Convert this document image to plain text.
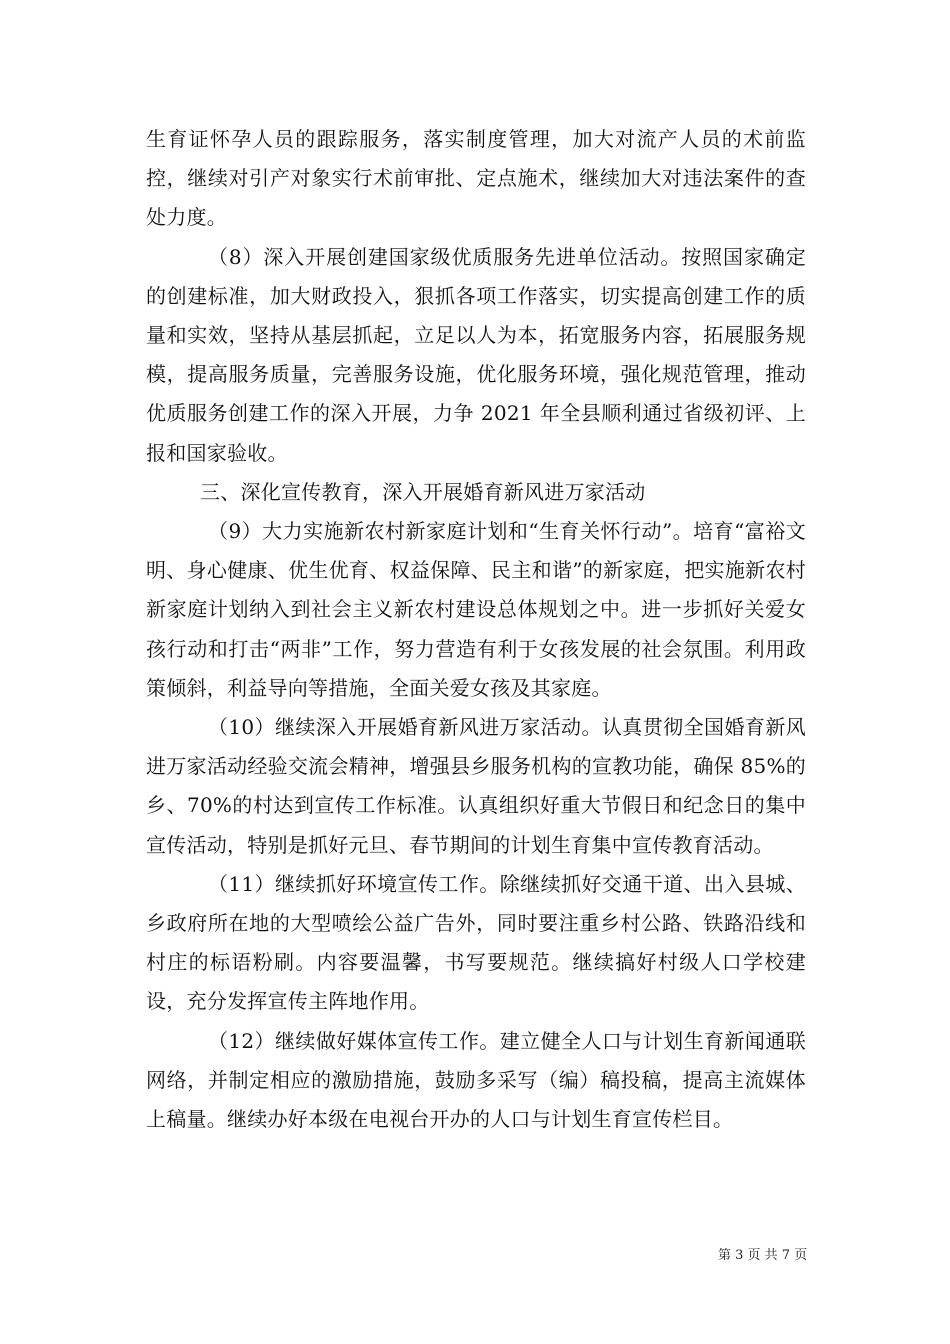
生育证怀孕人员的跟踪服务，落实制度管理，加大对流产人员的术前监控，继续对引产对象实行术前审批、定点施术，继续加大对违法案件的查处力度。

（8）深入开展创建国家级优质服务先进单位活动。按照国家确定的创建标准，加大财政投入，狠抓各项工作落实，切实提高创建工作的质量和实效，坚持从基层抓起，立足以人为本，拓宽服务内容，拓展服务规模，提高服务质量，完善服务设施，优化服务环境，强化规范管理，推动优质服务创建工作的深入开展，力争 2021 年全县顺利通过省级初评、上报和国家验收。

三、深化宣传教育，深入开展婚育新风进万家活动

（9）大力实施新农村新家庭计划和“生育关怀行动”。培育“富裕文明、身心健康、优生优育、权益保障、民主和谐”的新家庭，把实施新农村新家庭计划纳入到社会主义新农村建设总体规划之中。进一步抓好关爱女孩行动和打击“两非”工作，努力营造有利于女孩发展的社会氛围。利用政策倾斜，利益导向等措施，全面关爱女孩及其家庭。

（10）继续深入开展婚育新风进万家活动。认真贯彻全国婚育新风进万家活动经验交流会精神，增强县乡服务机构的宣教功能，确保 85%的乡、70%的村达到宣传工作标准。认真组织好重大节假日和纪念日的集中宣传活动，特别是抓好元旦、春节期间的计划生育集中宣传教育活动。

（11）继续抓好环境宣传工作。除继续抓好交通干道、出入县城、乡政府所在地的大型喷绘公益广告外，同时要注重乡村公路、铁路沿线和村庄的标语粉刷。内容要温馨，书写要规范。继续搞好村级人口学校建设，充分发挥宣传主阵地作用。

（12）继续做好媒体宣传工作。建立健全人口与计划生育新闻通联网络，并制定相应的激励措施，鼓励多采写（编）稿投稿，提高主流媒体上稿量。继续办好本级在电视台开办的人口与计划生育宣传栏目。

第 3 页 共 7 页
